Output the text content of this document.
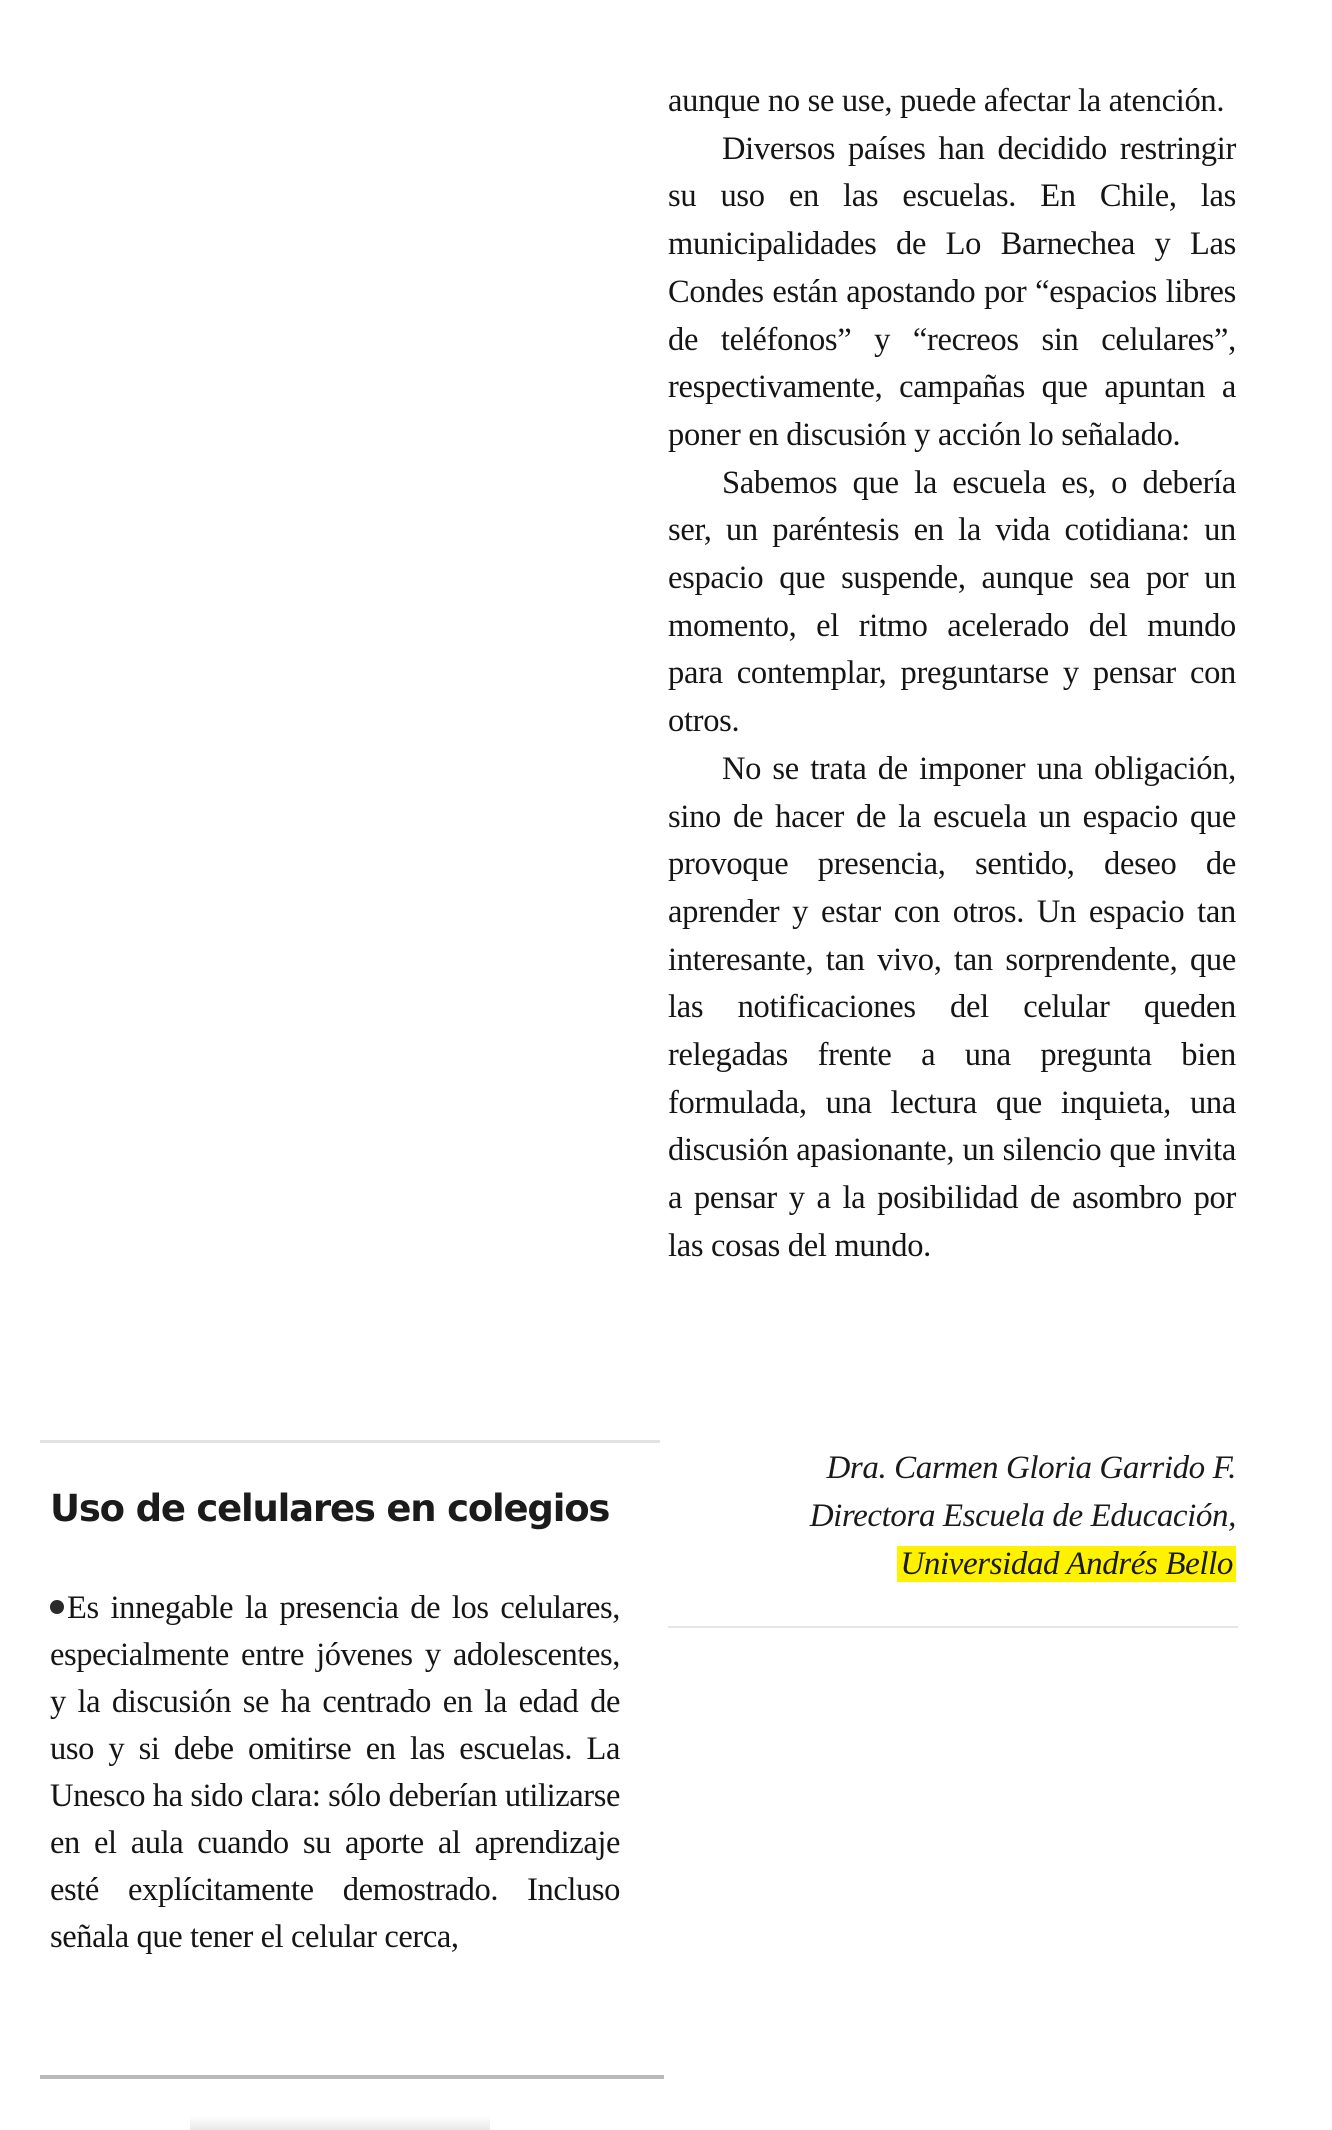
aunque no se use, puede afectar la atención.

Diversos países han decidido restringir su uso en las escuelas. En Chile, las municipalidades de Lo Barnechea y Las Condes están apostando por “espacios libres de teléfonos” y “recreos sin celulares”, respectivamente, campañas que apuntan a poner en discusión y acción lo señalado.

Sabemos que la escuela es, o debería ser, un paréntesis en la vida cotidiana: un espacio que suspende, aunque sea por un momento, el ritmo acelerado del mundo para contemplar, preguntarse y pensar con otros.

No se trata de imponer una obligación, sino de hacer de la escuela un espacio que provoque presencia, sentido, deseo de aprender y estar con otros. Un espacio tan interesante, tan vivo, tan sorprendente, que las notificaciones del celular queden relegadas frente a una pregunta bien formulada, una lectura que inquieta, una discusión apasionante, un silencio que invita a pensar y a la posibilidad de asombro por las cosas del mundo.

Dra. Carmen Gloria Garrido F.
Directora Escuela de Educación,
Universidad Andrés Bello
Uso de celulares en colegios

Es innegable la presencia de los celulares, especialmente entre jóvenes y adolescentes, y la discusión se ha centrado en la edad de uso y si debe omitirse en las escuelas. La Unesco ha sido clara: sólo deberían utilizarse en el aula cuando su aporte al aprendizaje esté explícitamente demostrado. Incluso señala que tener el celular cerca,
